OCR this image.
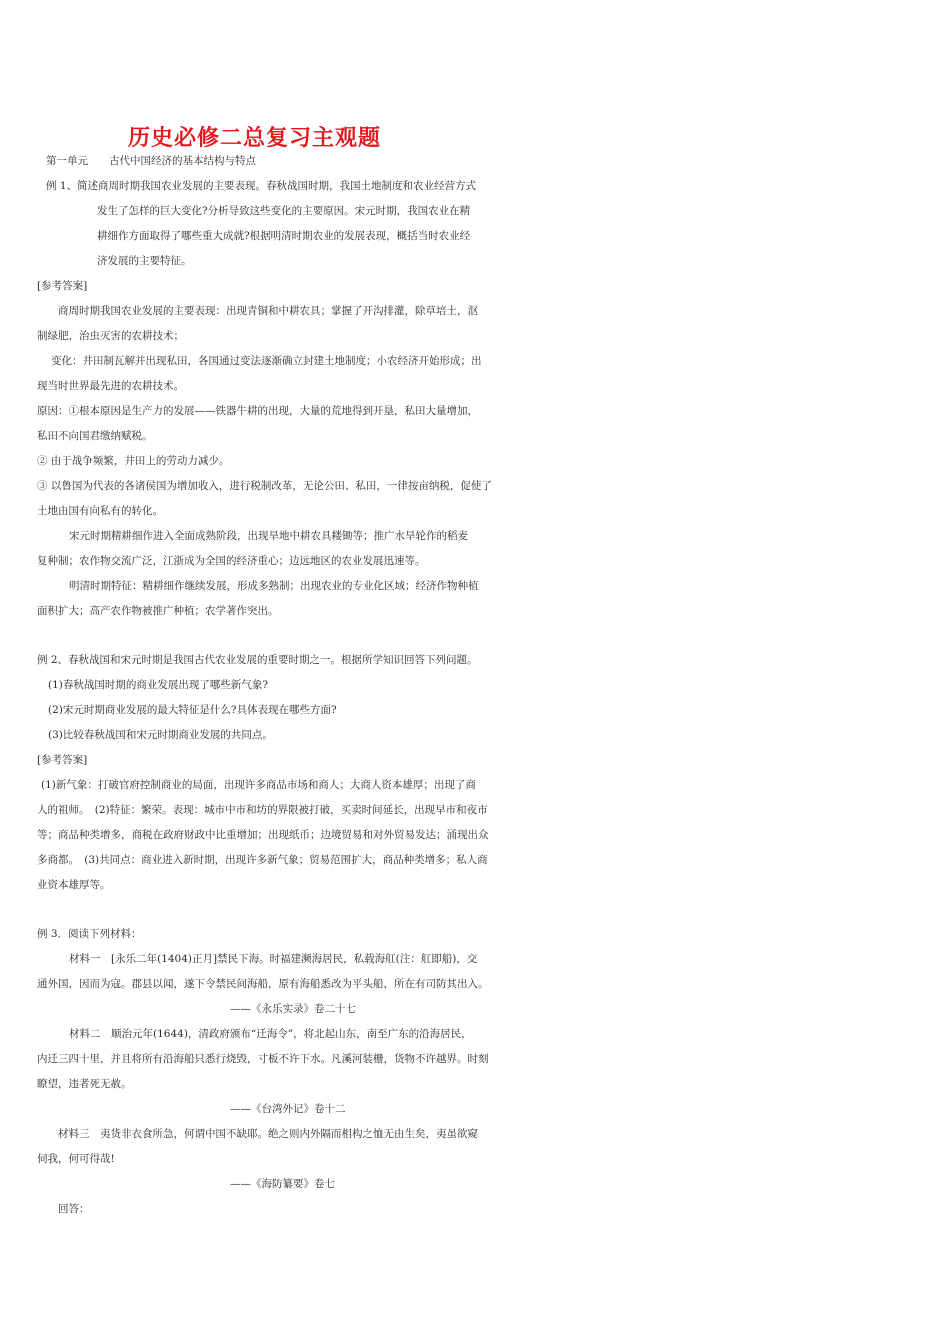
历史必修二总复习主观题
第一单元　　古代中国经济的基本结构与特点
例 1、简述商周时期我国农业发展的主要表现。春秋战国时期，我国土地制度和农业经营方式
发生了怎样的巨大变化?分析导致这些变化的主要原因。宋元时期，我国农业在精
耕细作方面取得了哪些重大成就?根据明清时期农业的发展表现，概括当时农业经
济发展的主要特征。
[参考答案]
商周时期我国农业发展的主要表现：出现青铜和中耕农具；掌握了开沟排灌，除草培土，沤
制绿肥，治虫灭害的农耕技术；
变化：井田制瓦解并出现私田，各国通过变法逐渐确立封建土地制度；小农经济开始形成；出
现当时世界最先进的农耕技术。
原因：①根本原因是生产力的发展——铁器牛耕的出现，大量的荒地得到开垦，私田大量增加，
私田不向国君缴纳赋税。
② 由于战争频繁，井田上的劳动力减少。
③ 以鲁国为代表的各诸侯国为增加收入，进行税制改革，无论公田、私田，一律按亩纳税，促使了
土地由国有向私有的转化。
宋元时期精耕细作进入全面成熟阶段，出现旱地中耕农具耧锄等；推广水旱轮作的稻麦
复种制；农作物交流广泛，江浙成为全国的经济重心；边远地区的农业发展迅速等。
明清时期特征：精耕细作继续发展，形成多熟制；出现农业的专业化区域；经济作物种植
面积扩大；高产农作物被推广种植；农学著作突出。
例 2、春秋战国和宋元时期是我国古代农业发展的重要时期之一。根据所学知识回答下列问题。
(1)春秋战国时期的商业发展出现了哪些新气象?
(2)宋元时期商业发展的最大特征是什么?具体表现在哪些方面?
(3)比较春秋战国和宋元时期商业发展的共同点。
[参考答案]
(1)新气象：打破官府控制商业的局面，出现许多商品市场和商人；大商人资本雄厚；出现了商
人的祖师。　(2)特征：繁荣。表现：城市中市和坊的界限被打破，买卖时间延长，出现早市和夜市
等；商品种类增多，商税在政府财政中比重增加；出现纸币；边境贸易和对外贸易发达；涌现出众
多商都。　(3)共同点：商业进入新时期，出现许多新气象；贸易范围扩大，商品种类增多；私人商
业资本雄厚等。
例 3．阅读下列材料：
材料一　[永乐二年(1404)正月]禁民下海。时福建濒海居民，私载海舡(注：舡即船)，交
通外国，因而为寇。郡县以闻，遂下令禁民间海船，原有海船悉改为平头船，所在有司防其出入。
——《永乐实录》卷二十七
材料二　顺治元年(1644)，清政府颁布“迁海令”，将北起山东，南至广东的沿海居民，
内迁三四十里，并且将所有沿海船只悉行烧毁，寸板不许下水。凡溪河装栅，货物不许越界。时刻
瞭望，违者死无赦。
——《台湾外记》卷十二
材料三　夷货非衣食所急，何谓中国不缺耶。绝之则内外隔而相构之恤无由生矣，夷虽欲窥
伺我，何可得哉!
——《海防纂要》卷七
回答：
